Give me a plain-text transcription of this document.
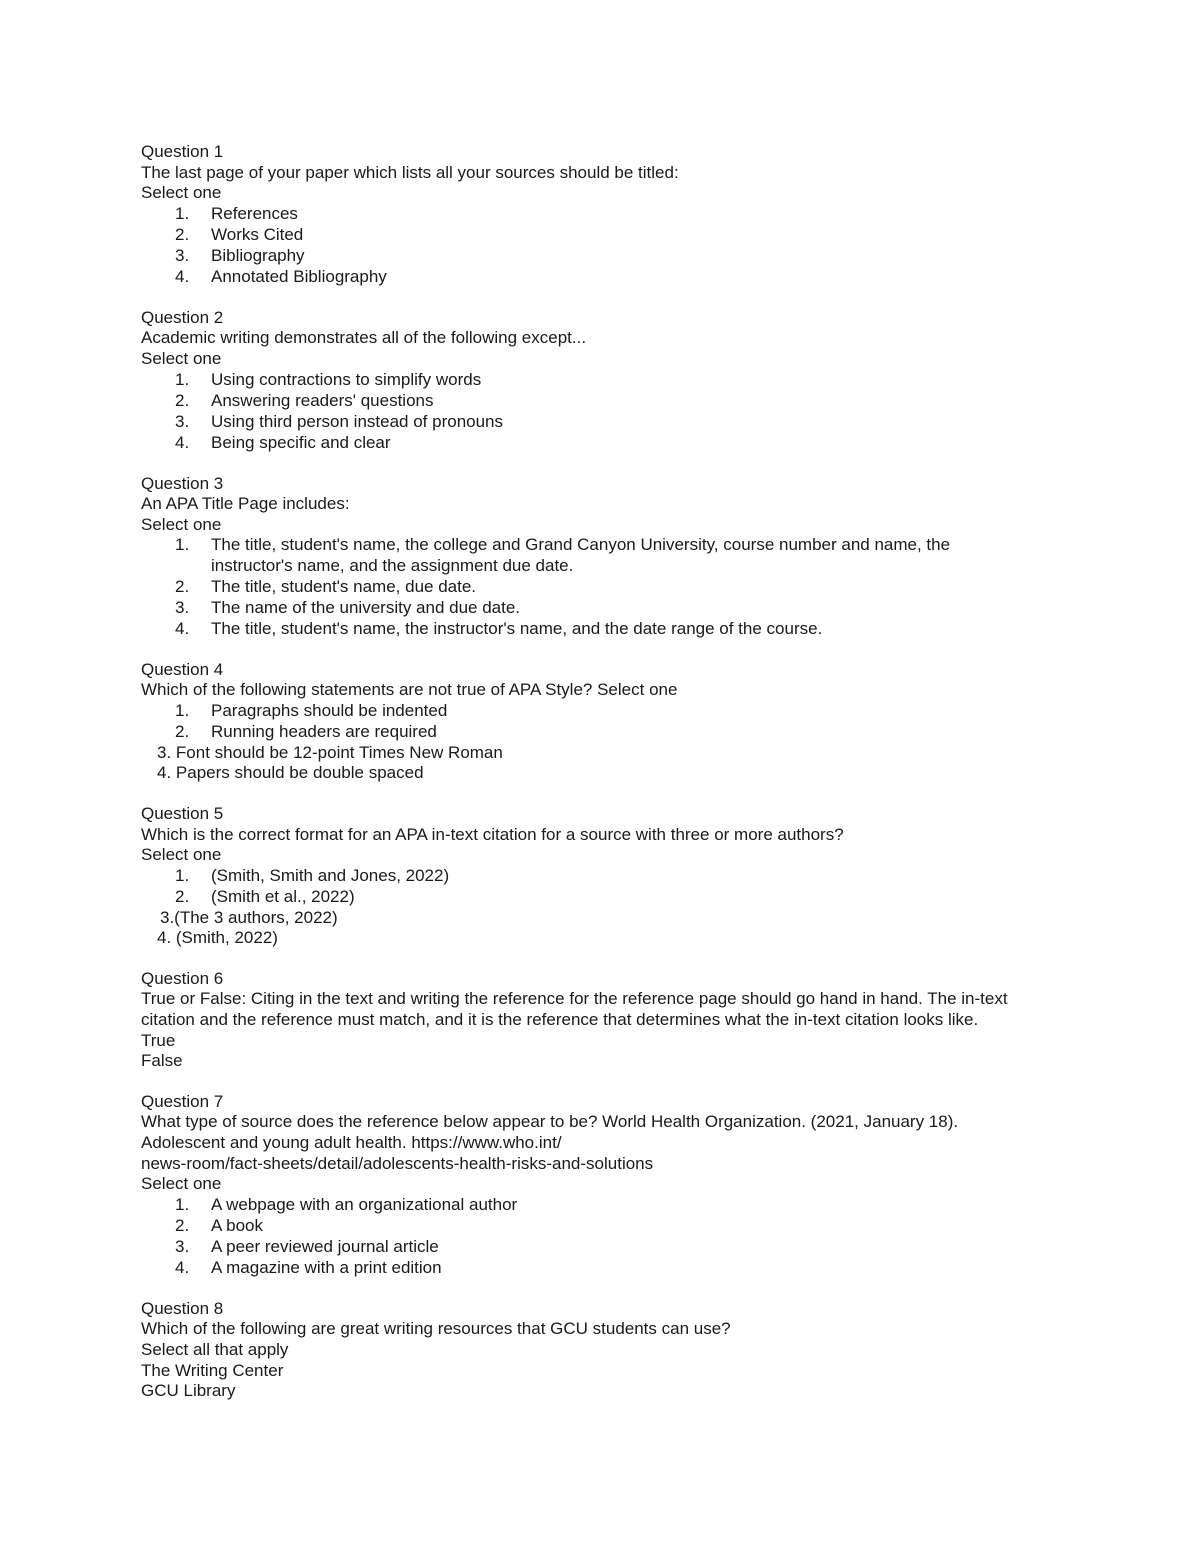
Question 1
The last page of your paper which lists all your sources should be titled:
Select one
1. References
2. Works Cited
3. Bibliography
4. Annotated Bibliography
Question 2
Academic writing demonstrates all of the following except...
Select one
1. Using contractions to simplify words
2. Answering readers' questions
3. Using third person instead of pronouns
4. Being specific and clear
Question 3
An APA Title Page includes:
Select one
1. The title, student's name, the college and Grand Canyon University, course number and name, the instructor's name, and the assignment due date.
2. The title, student's name, due date.
3. The name of the university and due date.
4. The title, student's name, the instructor's name, and the date range of the course.
Question 4
Which of the following statements are not true of APA Style? Select one
1. Paragraphs should be indented
2. Running headers are required
3. Font should be 12-point Times New Roman
4. Papers should be double spaced
Question 5
Which is the correct format for an APA in-text citation for a source with three or more authors?
Select one
1. (Smith, Smith and Jones, 2022)
2. (Smith et al., 2022)
3.(The 3 authors, 2022)
4. (Smith, 2022)
Question 6
True or False: Citing in the text and writing the reference for the reference page should go hand in hand. The in-text
citation and the reference must match, and it is the reference that determines what the in-text citation looks like.
True
False
Question 7
What type of source does the reference below appear to be? World Health Organization. (2021, January 18).
Adolescent and young adult health. https://www.who.int/
news-room/fact-sheets/detail/adolescents-health-risks-and-solutions
Select one
1. A webpage with an organizational author
2. A book
3. A peer reviewed journal article
4. A magazine with a print edition
Question 8
Which of the following are great writing resources that GCU students can use?
Select all that apply
The Writing Center
GCU Library
